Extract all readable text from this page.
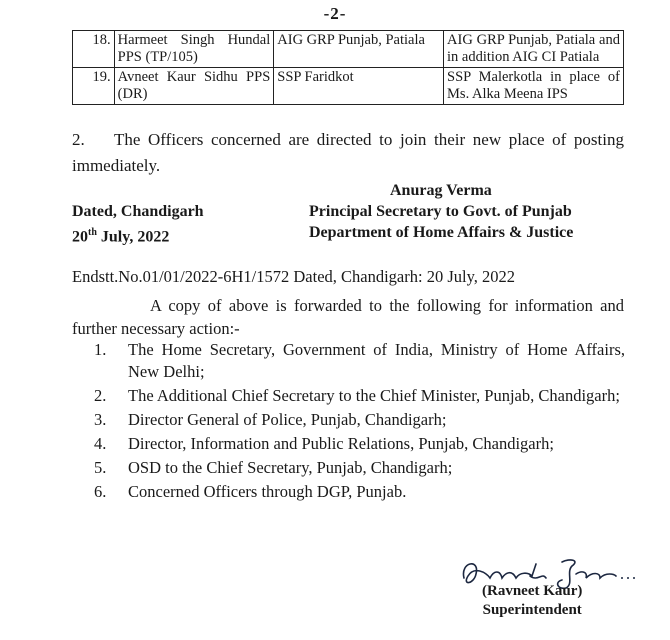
-2-
18.	Harmeet Singh Hundal PPS (TP/105)	AIG GRP Punjab, Patiala	AIG GRP Punjab, Patiala and in addition AIG CI Patiala
19.	Avneet Kaur Sidhu PPS (DR)	SSP Faridkot	SSP Malerkotla in place of Ms. Alka Meena IPS
2. The Officers concerned are directed to join their new place of posting immediately.
Anurag Verma
Dated, Chandigarh
20th July, 2022
Principal Secretary to Govt. of Punjab
Department of Home Affairs & Justice
Endstt.No.01/01/2022-6H1/1572 Dated, Chandigarh: 20 July, 2022
A copy of above is forwarded to the following for information and further necessary action:-
1.	The Home Secretary, Government of India, Ministry of Home Affairs, New Delhi;
2.	The Additional Chief Secretary to the Chief Minister, Punjab, Chandigarh;
3.	Director General of Police, Punjab, Chandigarh;
4.	Director, Information and Public Relations, Punjab, Chandigarh;
5.	OSD to the Chief Secretary, Punjab, Chandigarh;
6.	Concerned Officers through DGP, Punjab.
(Ravneet Kaur)
Superintendent
